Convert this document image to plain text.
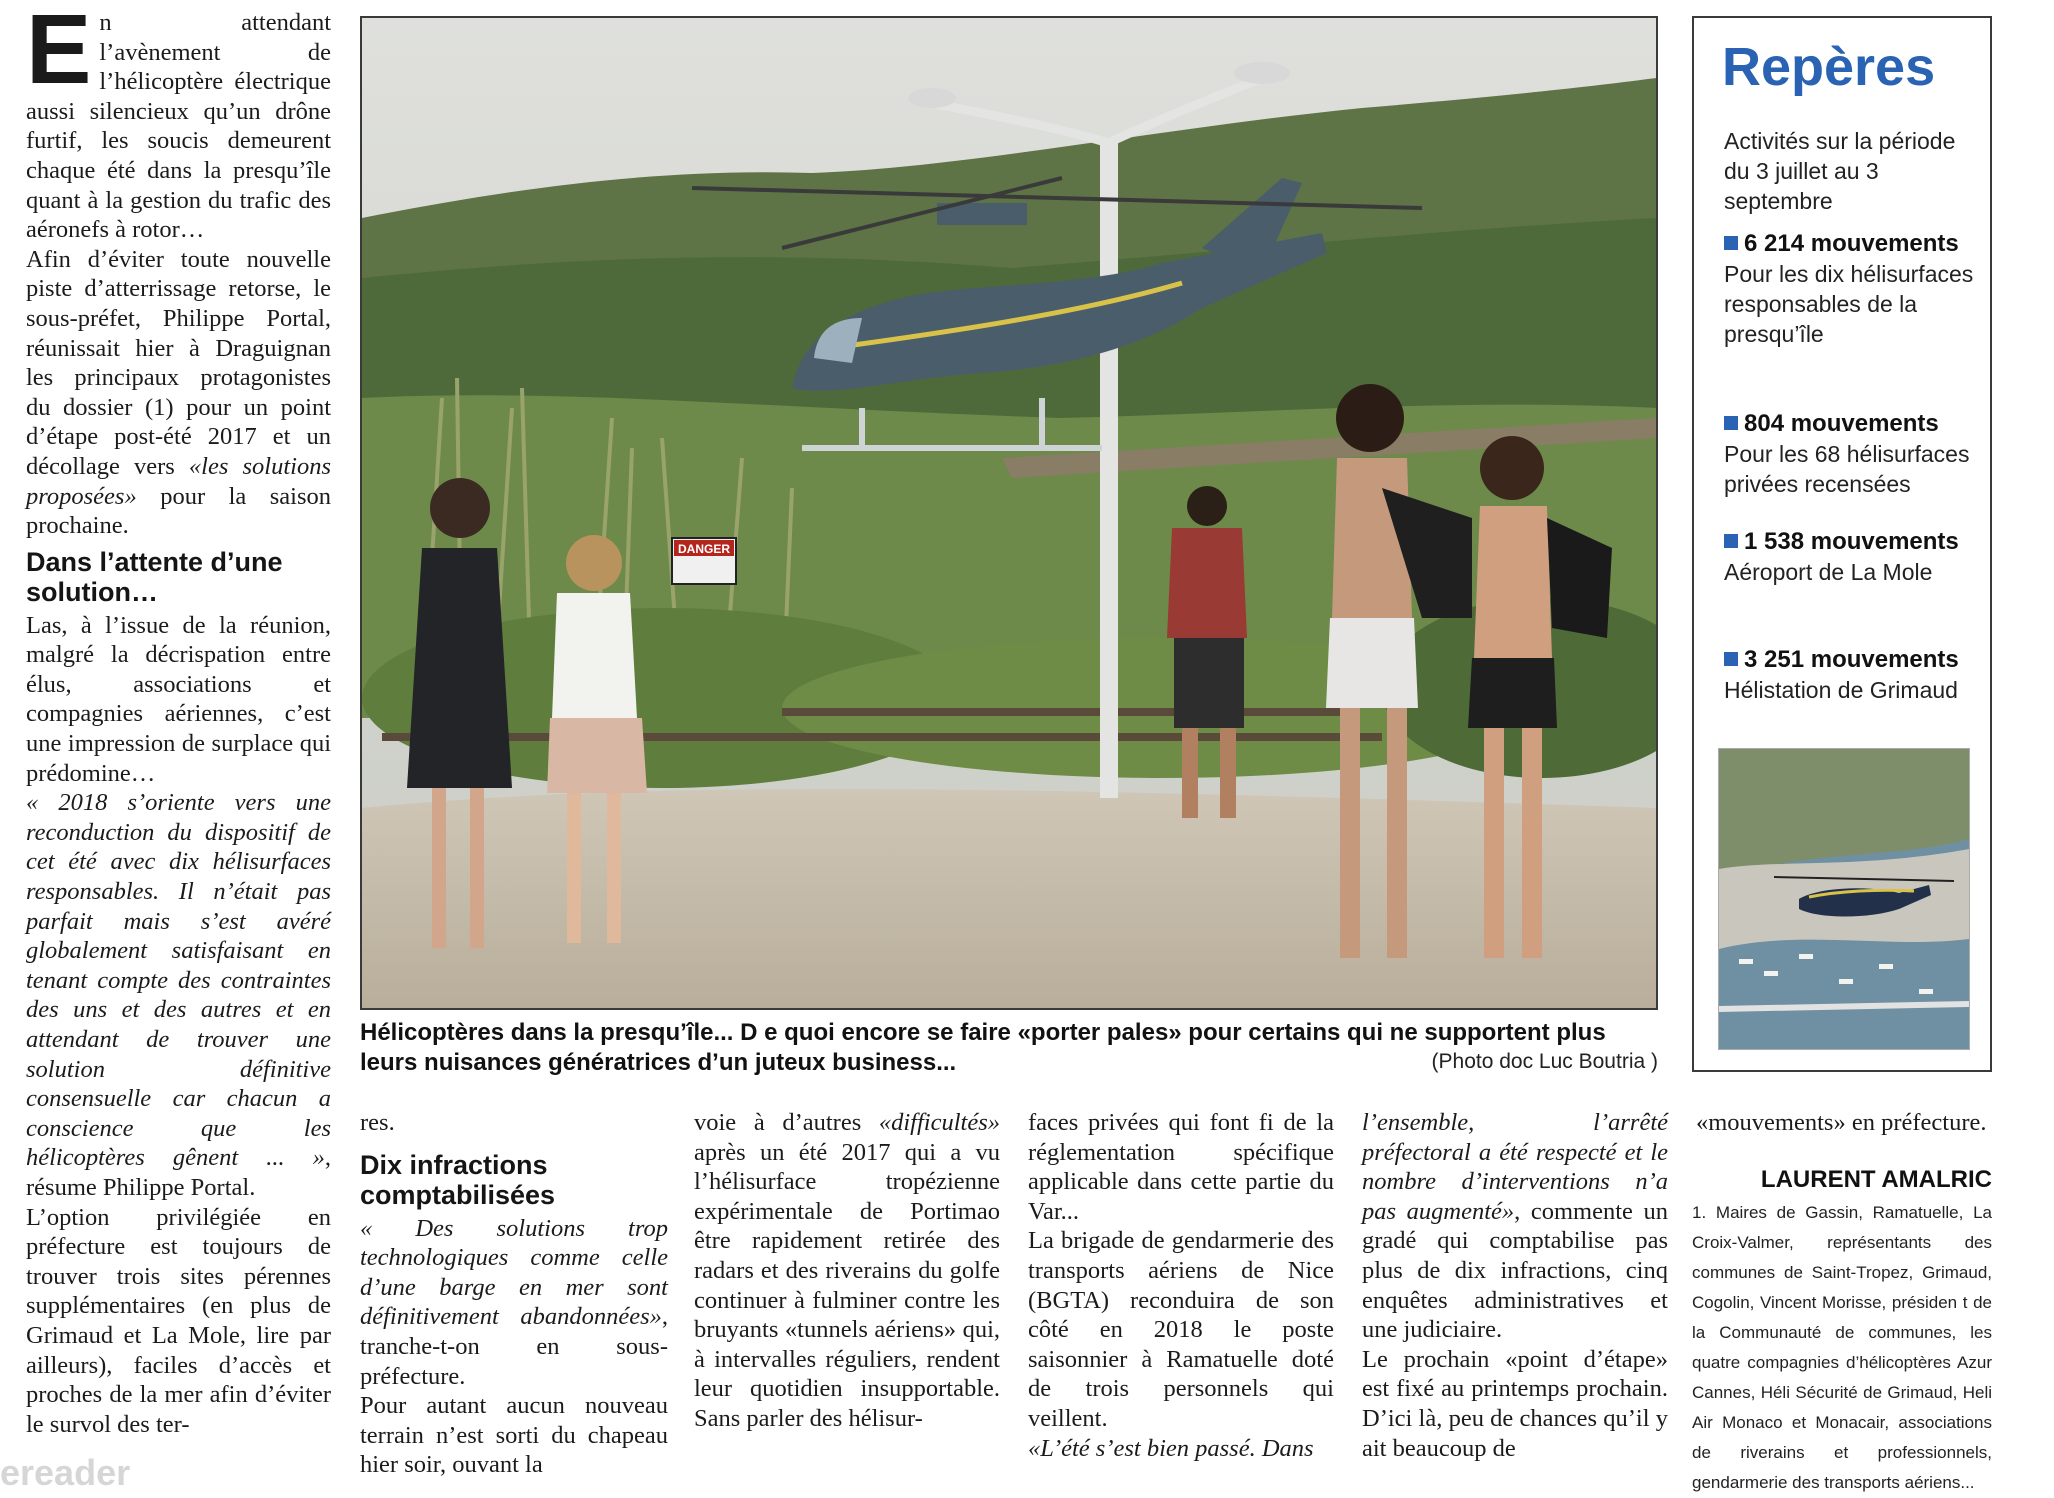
En attendant l’avènement de l’hélicoptère électrique aussi silencieux qu’un drône furtif, les soucis demeurent chaque été dans la presqu’île quant à la gestion du trafic des aéronefs à rotor…

Afin d’éviter toute nouvelle piste d’atterrissage retorse, le sous-préfet, Philippe Portal, réunissait hier à Draguignan les principaux protagonistes du dossier (1) pour un point d’étape post-été 2017 et un décollage vers «les solutions proposées» pour la saison prochaine.

Dans l’attente d’une solution…

Las, à l’issue de la réunion, malgré la décrispation entre élus, associations et compagnies aériennes, c’est une impression de surplace qui prédomine…

« 2018 s’oriente vers une reconduction du dispositif de cet été avec dix hélisurfaces responsables. Il n’était pas parfait mais s’est avéré globalement satisfaisant en tenant compte des contraintes des uns et des autres et en attendant de trouver une solution définitive consensuelle car chacun a conscience que les hélicoptères gênent ... », résume Philippe Portal.

L’option privilégiée en préfecture est toujours de trouver trois sites pérennes supplémentaires (en plus de Grimaud et La Mole, lire par ailleurs), faciles d’accès et proches de la mer afin d’éviter le survol des ter-

DANGER
Hélicoptères dans la presqu’île... D e quoi encore se faire «porter pales» pour certains qui ne supportent plus leurs nuisances génératrices d’un juteux business...	(Photo doc Luc Boutria )

res.

Dix infractions comptabilisées

« Des solutions trop technologiques comme celle d’une barge en mer sont définitivement abandonnées», tranche-t-on en sous-préfecture.

Pour autant aucun nouveau terrain n’est sorti du chapeau hier soir, ouvant la

voie à d’autres «difficultés» après un été 2017 qui a vu l’hélisurface tropézienne expérimentale de Portimao être rapidement retirée des radars et des riverains du golfe continuer à fulminer contre les bruyants «tunnels aériens» qui, à intervalles réguliers, rendent leur quotidien insupportable. Sans parler des hélisur-

faces privées qui font fi de la réglementation spécifique applicable dans cette partie du Var...

La brigade de gendarmerie des transports aériens de Nice (BGTA) reconduira de son côté en 2018 le poste saisonnier à Ramatuelle doté de trois personnels qui veillent.

«L’été s’est bien passé. Dans

l’ensemble, l’arrêté préfectoral a été respecté et le nombre d’interventions n’a pas augmenté», commente un gradé qui comptabilise pas plus de dix infractions, cinq enquêtes administratives et une judiciaire.

Le prochain «point d’étape» est fixé au printemps prochain. D’ici là, peu de chances qu’il y ait beaucoup de

«mouvements» en préfecture.

LAURENT AMALRIC
1. Maires de Gassin, Ramatuelle, La Croix-Valmer, représentants des communes de Saint-Tropez, Grimaud, Cogolin, Vincent Morisse, présiden t de la Communauté de communes, les quatre compagnies d’hélicoptères Azur Cannes, Héli Sécurité de Grimaud, Heli Air Monaco et Monacair, associations de riverains et professionnels, gendarmerie des transports aériens...
Repères
Activités sur la période du 3 juillet au 3 septembre
6 214 mouvements
Pour les dix hélisurfaces responsables de la presqu’île
804 mouvements
Pour les 68 hélisurfaces privées recensées
1 538 mouvements
Aéroport de La Mole
3 251 mouvements
Hélistation de Grimaud
ereader
